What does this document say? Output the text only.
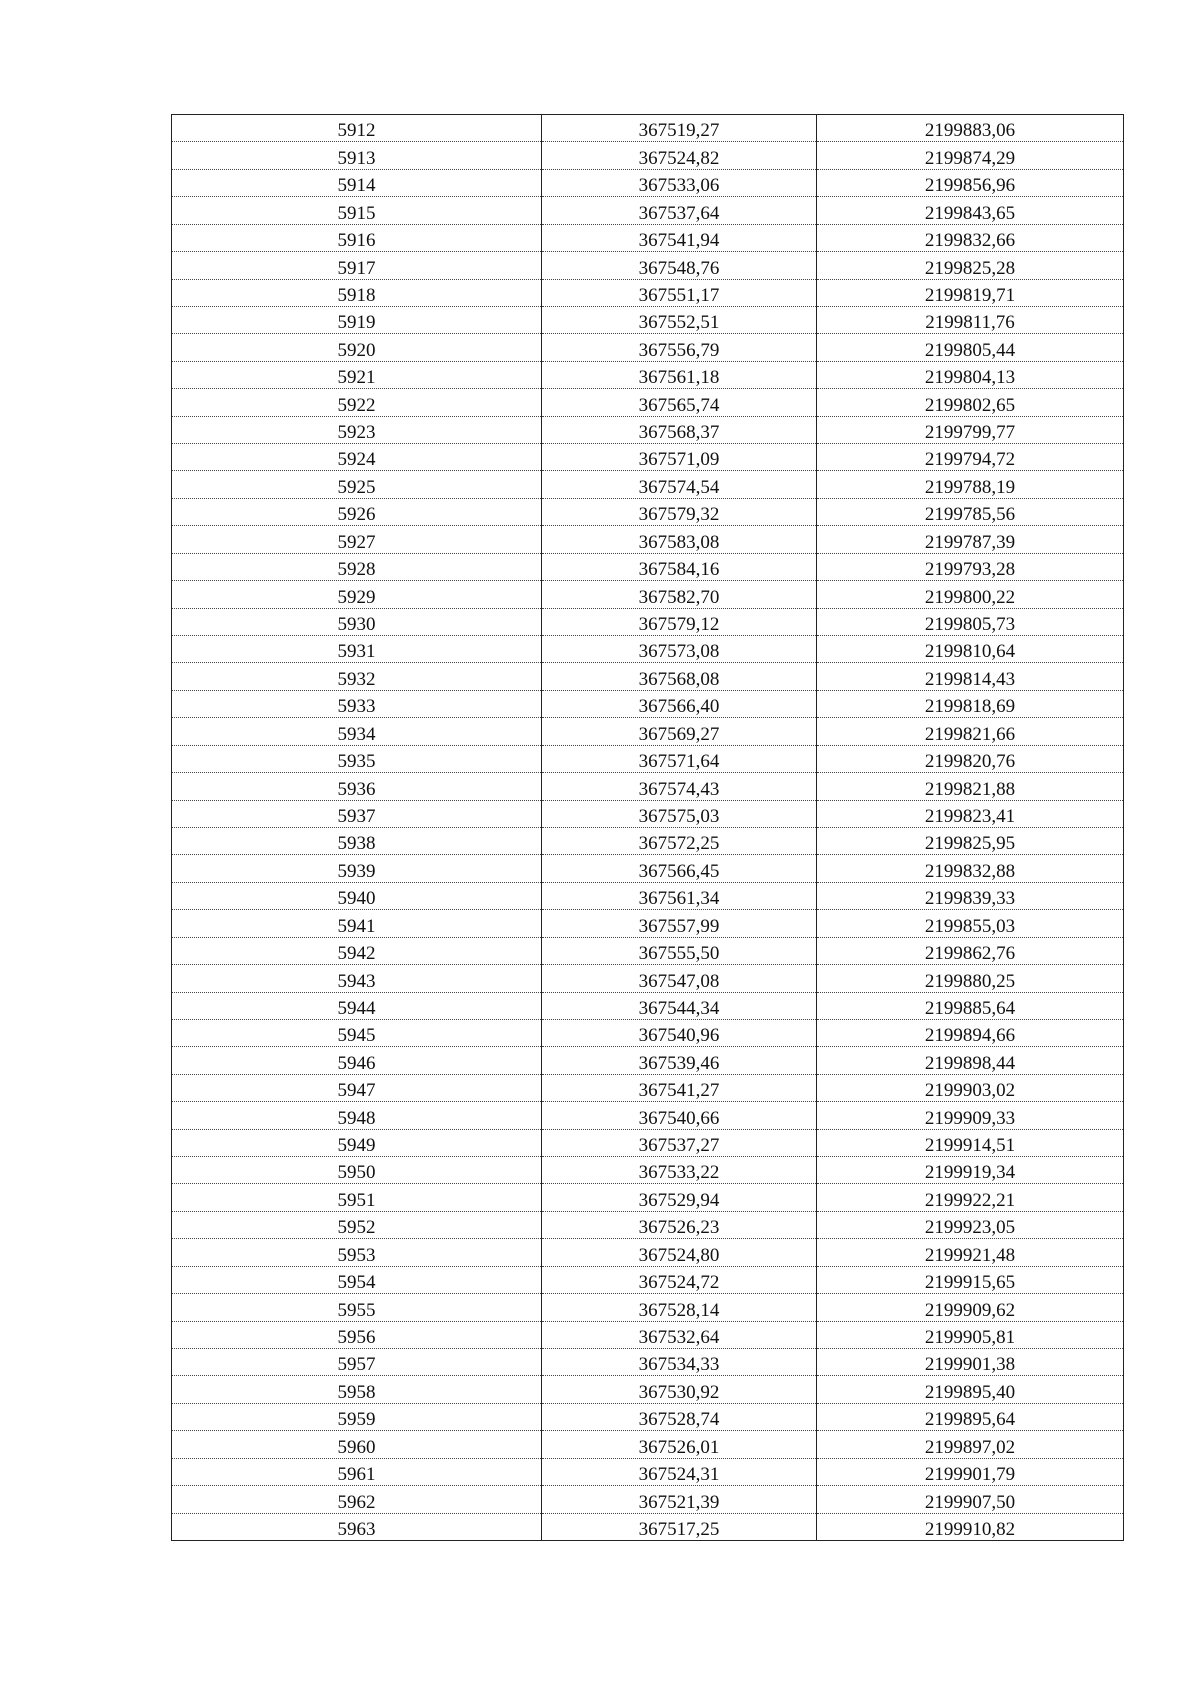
5912	367519,27	2199883,06
5913	367524,82	2199874,29
5914	367533,06	2199856,96
5915	367537,64	2199843,65
5916	367541,94	2199832,66
5917	367548,76	2199825,28
5918	367551,17	2199819,71
5919	367552,51	2199811,76
5920	367556,79	2199805,44
5921	367561,18	2199804,13
5922	367565,74	2199802,65
5923	367568,37	2199799,77
5924	367571,09	2199794,72
5925	367574,54	2199788,19
5926	367579,32	2199785,56
5927	367583,08	2199787,39
5928	367584,16	2199793,28
5929	367582,70	2199800,22
5930	367579,12	2199805,73
5931	367573,08	2199810,64
5932	367568,08	2199814,43
5933	367566,40	2199818,69
5934	367569,27	2199821,66
5935	367571,64	2199820,76
5936	367574,43	2199821,88
5937	367575,03	2199823,41
5938	367572,25	2199825,95
5939	367566,45	2199832,88
5940	367561,34	2199839,33
5941	367557,99	2199855,03
5942	367555,50	2199862,76
5943	367547,08	2199880,25
5944	367544,34	2199885,64
5945	367540,96	2199894,66
5946	367539,46	2199898,44
5947	367541,27	2199903,02
5948	367540,66	2199909,33
5949	367537,27	2199914,51
5950	367533,22	2199919,34
5951	367529,94	2199922,21
5952	367526,23	2199923,05
5953	367524,80	2199921,48
5954	367524,72	2199915,65
5955	367528,14	2199909,62
5956	367532,64	2199905,81
5957	367534,33	2199901,38
5958	367530,92	2199895,40
5959	367528,74	2199895,64
5960	367526,01	2199897,02
5961	367524,31	2199901,79
5962	367521,39	2199907,50
5963	367517,25	2199910,82
